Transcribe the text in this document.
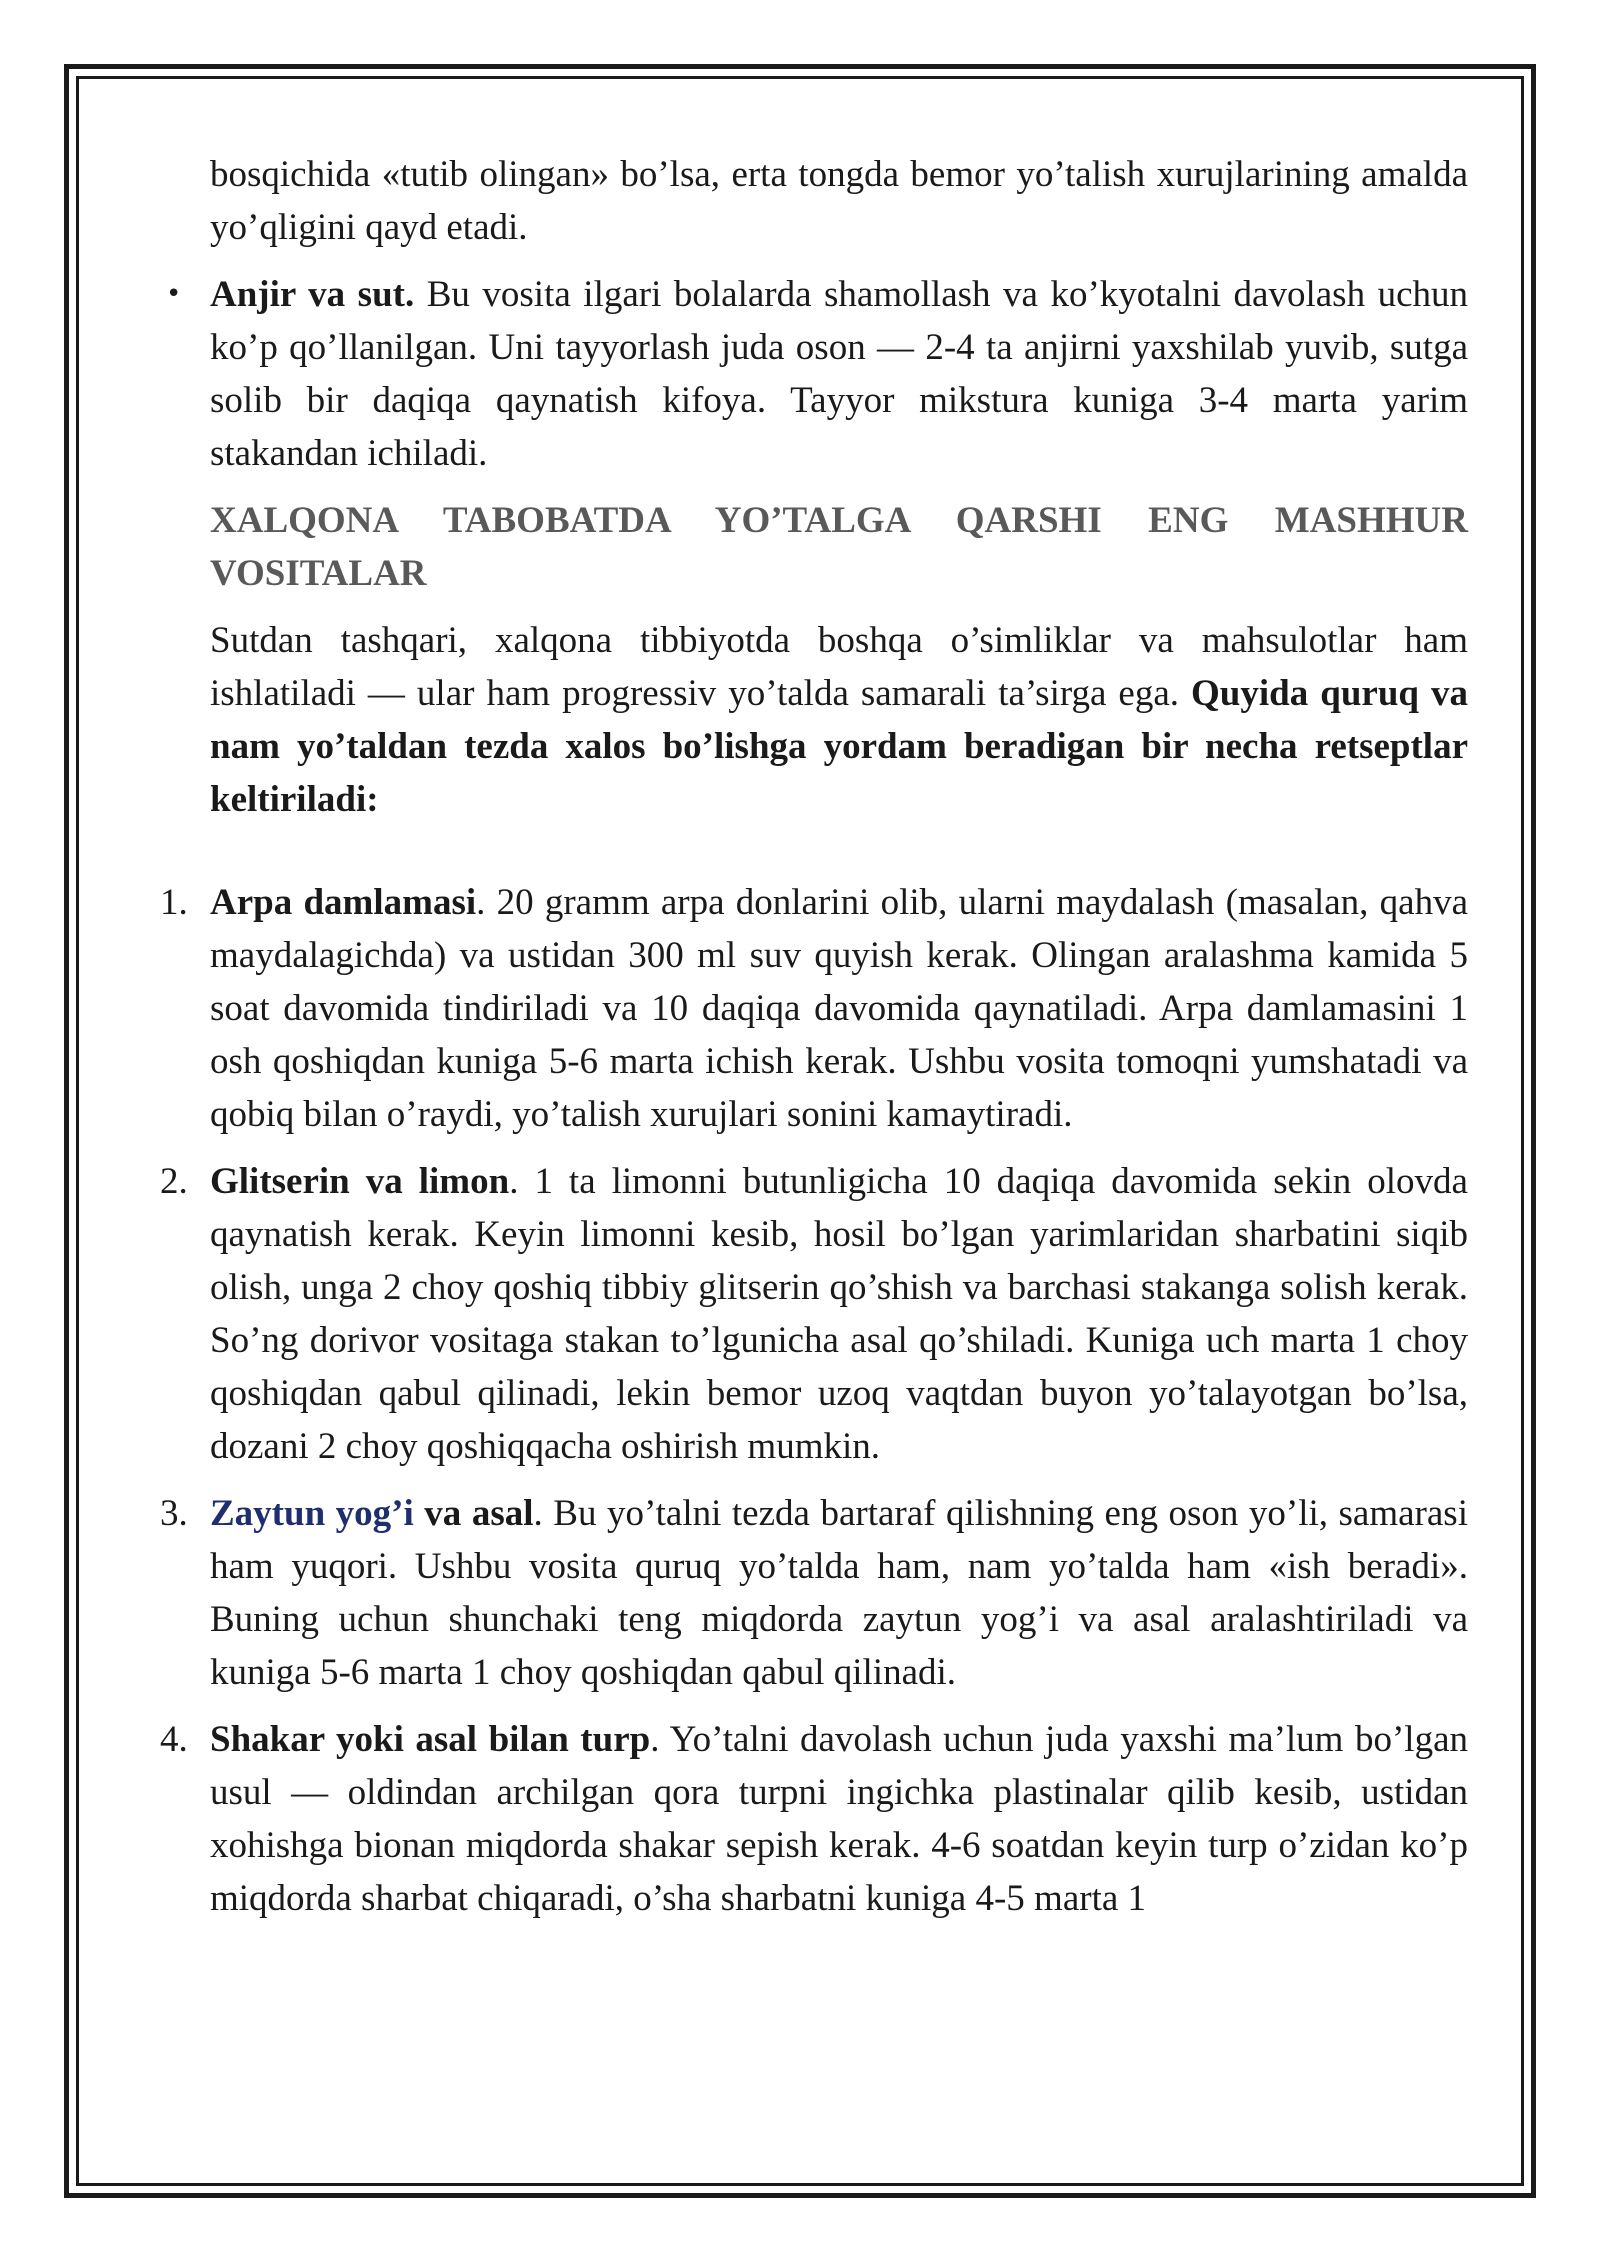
bosqichida «tutib olingan» bo’lsa, erta tongda bemor yo’talish xurujlarining amalda yo’qligini qayd etadi.

• Anjir va sut. Bu vosita ilgari bolalarda shamollash va ko’kyotalni davolash uchun ko’p qo’llanilgan. Uni tayyorlash juda oson — 2-4 ta anjirni yaxshilab yuvib, sutga solib bir daqiqa qaynatish kifoya. Tayyor mikstura kuniga 3-4 marta yarim stakandan ichiladi.

XALQONA TABOBATDA YO’TALGA QARSHI ENG MASHHUR VOSITALAR

Sutdan tashqari, xalqona tibbiyotda boshqa o’simliklar va mahsulotlar ham ishlatiladi — ular ham progressiv yo’talda samarali ta’sirga ega. Quyida quruq va nam yo’taldan tezda xalos bo’lishga yordam beradigan bir necha retseptlar keltiriladi:

1. Arpa damlamasi. 20 gramm arpa donlarini olib, ularni maydalash (masalan, qahva maydalagichda) va ustidan 300 ml suv quyish kerak. Olingan aralashma kamida 5 soat davomida tindiriladi va 10 daqiqa davomida qaynatiladi. Arpa damlamasini 1 osh qoshiqdan kuniga 5-6 marta ichish kerak. Ushbu vosita tomoqni yumshatadi va qobiq bilan o’raydi, yo’talish xurujlari sonini kamaytiradi.

2. Glitserin va limon. 1 ta limonni butunligicha 10 daqiqa davomida sekin olovda qaynatish kerak. Keyin limonni kesib, hosil bo’lgan yarimlaridan sharbatini siqib olish, unga 2 choy qoshiq tibbiy glitserin qo’shish va barchasi stakanga solish kerak. So’ng dorivor vositaga stakan to’lgunicha asal qo’shiladi. Kuniga uch marta 1 choy qoshiqdan qabul qilinadi, lekin bemor uzoq vaqtdan buyon yo’talayotgan bo’lsa, dozani 2 choy qoshiqqacha oshirish mumkin.

3. Zaytun yog’i va asal. Bu yo’talni tezda bartaraf qilishning eng oson yo’li, samarasi ham yuqori. Ushbu vosita quruq yo’talda ham, nam yo’talda ham «ish beradi». Buning uchun shunchaki teng miqdorda zaytun yog’i va asal aralashtiriladi va kuniga 5-6 marta 1 choy qoshiqdan qabul qilinadi.

4. Shakar yoki asal bilan turp. Yo’talni davolash uchun juda yaxshi ma’lum bo’lgan usul — oldindan archilgan qora turpni ingichka plastinalar qilib kesib, ustidan xohishga bionan miqdorda shakar sepish kerak. 4-6 soatdan keyin turp o’zidan ko’p miqdorda sharbat chiqaradi, o’sha sharbatni kuniga 4-5 marta 1
